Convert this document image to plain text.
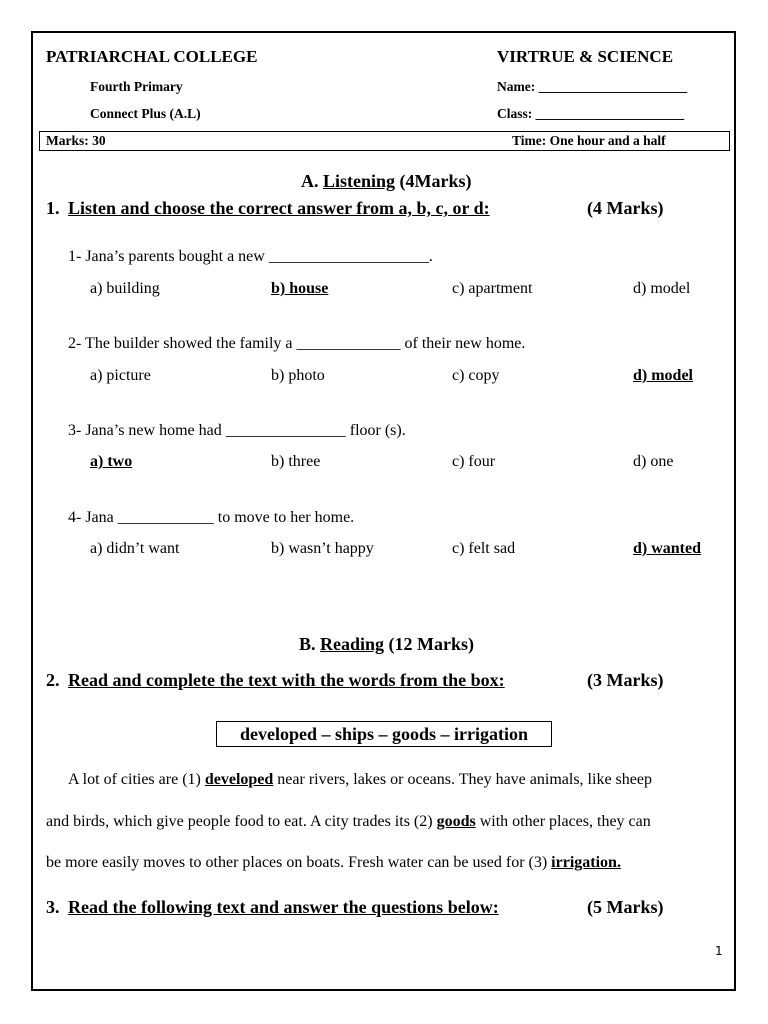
PATRIARCHAL COLLEGE	VIRTRUE & SCIENCE
Fourth Primary	Name: ______________________
Connect Plus (A.L)	Class: ______________________
Marks: 30	Time: One hour and a half
A. Listening (4Marks)
1. Listen and choose the correct answer from a, b, c, or d:	(4 Marks)
1- Jana’s parents bought a new ____________________.
a) building	b) house	c) apartment	d) model
2- The builder showed the family a _____________ of their new home.
a) picture	b) photo	c) copy	d) model
3- Jana’s new home had _______________ floor (s).
a) two	b) three	c) four	d) one
4- Jana ____________ to move to her home.
a) didn’t want	b) wasn’t happy	c) felt sad	d) wanted
B. Reading (12 Marks)
2. Read and complete the text with the words from the box:	(3 Marks)
developed – ships – goods – irrigation
A lot of cities are (1) developed near rivers, lakes or oceans. They have animals, like sheep
and birds, which give people food to eat. A city trades its (2) goods with other places, they can
be more easily moves to other places on boats. Fresh water can be used for (3) irrigation.
3. Read the following text and answer the questions below:	(5 Marks)
1
